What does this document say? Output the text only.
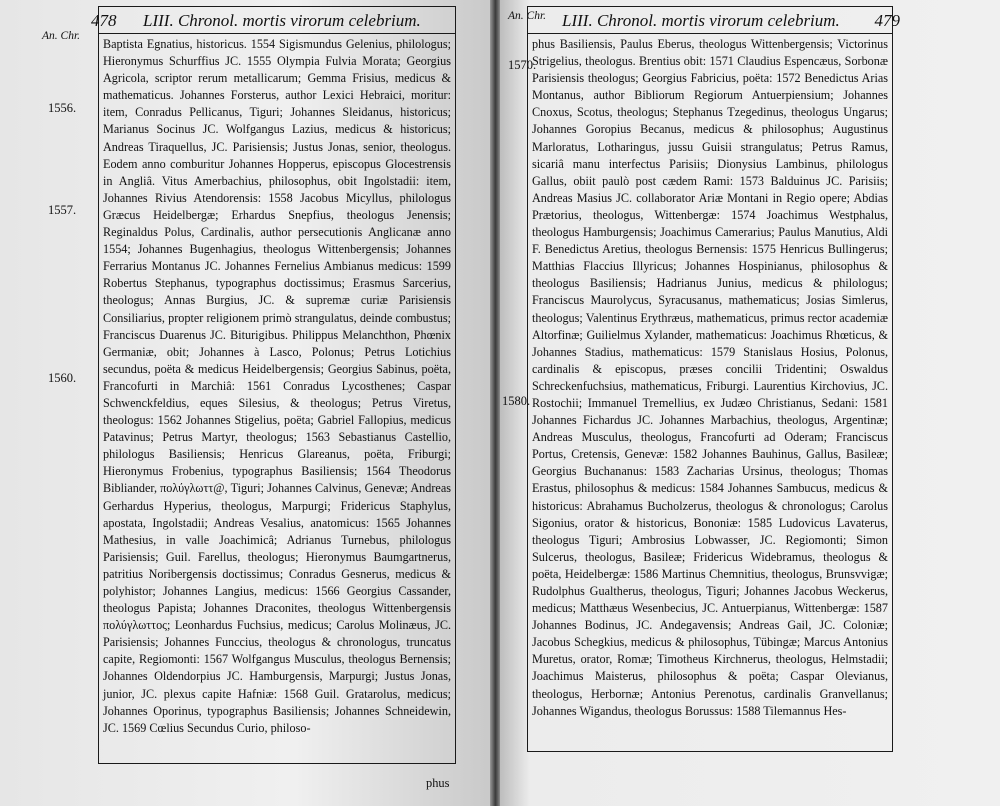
An. Chr.
1556.
1557.
1560.
478 LIII. Chronol. mortis virorum celebrium.

Baptista Egnatius, historicus. 1554 Sigismundus Gelenius, philologus; Hieronymus Schurffius JC. 1555 Olympia Fulvia Morata; Georgius Agricola, scriptor rerum metallicarum; Gemma Frisius, medicus & mathematicus. Johannes Forsterus, author Lexici Hebraici, moritur: item, Conradus Pellicanus, Tiguri; Johannes Sleidanus, historicus; Marianus Socinus JC. Wolfgangus Lazius, medicus & historicus; Andreas Tiraquellus, JC. Parisiensis; Justus Jonas, senior, theologus. Eodem anno comburitur Johannes Hopperus, episcopus Glocestrensis in Angliâ. Vitus Amerbachius, philosophus, obit Ingolstadii: item, Johannes Rivius Atendorensis: 1558 Jacobus Micyllus, philologus Græcus Heidelbergæ; Erhardus Snepfius, theologus Jenensis; Reginaldus Polus, Cardinalis, author persecutionis Anglicanæ anno 1554; Johannes Bugenhagius, theologus Wittenbergensis; Johannes Ferrarius Montanus JC. Johannes Fernelius Ambianus medicus: 1599 Robertus Stephanus, typographus doctissimus; Erasmus Sarcerius, theologus; Annas Burgius, JC. & supremæ curiæ Parisiensis Consiliarius, propter religionem primò strangulatus, deinde combustus; Franciscus Duarenus JC. Biturigibus. Philippus Melanchthon, Phœnix Germaniæ, obit; Johannes à Lasco, Polonus; Petrus Lotichius secundus, poëta & medicus Heidelbergensis; Georgius Sabinus, poëta, Francofurti in Marchiâ: 1561 Conradus Lycosthenes; Caspar Schwenckfeldius, eques Silesius, & theologus; Petrus Viretus, theologus: 1562 Johannes Stigelius, poëta; Gabriel Fallopius, medicus Patavinus; Petrus Martyr, theologus; 1563 Sebastianus Castellio, philologus Basiliensis; Henricus Glareanus, poëta, Friburgi; Hieronymus Frobenius, typographus Basiliensis; 1564 Theodorus Bibliander, πολύγλωττ@, Tiguri; Johannes Calvinus, Genevæ; Andreas Gerhardus Hyperius, theologus, Marpurgi; Fridericus Staphylus, apostata, Ingolstadii; Andreas Vesalius, anatomicus: 1565 Johannes Mathesius, in valle Joachimicâ; Adrianus Turnebus, philologus Parisiensis; Guil. Farellus, theologus; Hieronymus Baumgartnerus, patritius Noribergensis doctissimus; Conradus Gesnerus, medicus & polyhistor; Johannes Langius, medicus: 1566 Georgius Cassander, theologus Papista; Johannes Draconites, theologus Wittenbergensis πολύγλωττος; Leonhardus Fuchsius, medicus; Carolus Molinæus, JC. Parisiensis; Johannes Funccius, theologus & chronologus, truncatus capite, Regiomonti: 1567 Wolfgangus Musculus, theologus Bernensis; Johannes Oldendorpius JC. Hamburgensis, Marpurgi; Justus Jonas, junior, JC. plexus capite Hafniæ: 1568 Guil. Gratarolus, medicus; Johannes Oporinus, typographus Basiliensis; Johannes Schneidewin, JC. 1569 Cœlius Secundus Curio, philoso-

phus
An. Chr.
1570.
1580.
LIII. Chronol. mortis virorum celebrium. 479

phus Basiliensis, Paulus Eberus, theologus Wittenbergensis; Victorinus Strigelius, theologus. Brentius obit: 1571 Claudius Espencæus, Sorbonæ Parisiensis theologus; Georgius Fabricius, poëta: 1572 Benedictus Arias Montanus, author Bibliorum Regiorum Antuerpiensium; Johannes Cnoxus, Scotus, theologus; Stephanus Tzegedinus, theologus Ungarus; Johannes Goropius Becanus, medicus & philosophus; Augustinus Marloratus, Lotharingus, jussu Guisii strangulatus; Petrus Ramus, sicariâ manu interfectus Parisiis; Dionysius Lambinus, philologus Gallus, obiit paulò post cædem Rami: 1573 Balduinus JC. Parisiis; Andreas Masius JC. collaborator Ariæ Montani in Regio opere; Abdias Prætorius, theologus, Wittenbergæ: 1574 Joachimus Westphalus, theologus Hamburgensis; Joachimus Camerarius; Paulus Manutius, Aldi F. Benedictus Aretius, theologus Bernensis: 1575 Henricus Bullingerus; Matthias Flaccius Illyricus; Johannes Hospinianus, philosophus & theologus Basiliensis; Hadrianus Junius, medicus & philologus; Franciscus Maurolycus, Syracusanus, mathematicus; Josias Simlerus, theologus; Valentinus Erythræus, mathematicus, primus rector academiæ Altorfinæ; Guilielmus Xylander, mathematicus: Joachimus Rhœticus, & Johannes Stadius, mathematicus: 1579 Stanislaus Hosius, Polonus, cardinalis & episcopus, præses concilii Tridentini; Oswaldus Schreckenfuchsius, mathematicus, Friburgi. Laurentius Kirchovius, JC. Rostochii; Immanuel Tremellius, ex Judæo Christianus, Sedani: 1581 Johannes Fichardus JC. Johannes Marbachius, theologus, Argentinæ; Andreas Musculus, theologus, Francofurti ad Oderam; Franciscus Portus, Cretensis, Genevæ: 1582 Johannes Bauhinus, Gallus, Basileæ; Georgius Buchananus: 1583 Zacharias Ursinus, theologus; Thomas Erastus, philosophus & medicus: 1584 Johannes Sambucus, medicus & historicus: Abrahamus Bucholzerus, theologus & chronologus; Carolus Sigonius, orator & historicus, Bononiæ: 1585 Ludovicus Lavaterus, theologus Tiguri; Ambrosius Lobwasser, JC. Regiomonti; Simon Sulcerus, theologus, Basileæ; Fridericus Widebramus, theologus & poëta, Heidelbergæ: 1586 Martinus Chemnitius, theologus, Brunsvvigæ; Rudolphus Gualtherus, theologus, Tiguri; Johannes Jacobus Weckerus, medicus; Matthæus Wesenbecius, JC. Antuerpianus, Wittenbergæ: 1587 Johannes Bodinus, JC. Andegavensis; Andreas Gail, JC. Coloniæ; Jacobus Schegkius, medicus & philosophus, Tübingæ; Marcus Antonius Muretus, orator, Romæ; Timotheus Kirchnerus, theologus, Helmstadii; Joachimus Maisterus, philosophus & poëta; Caspar Olevianus, theologus, Herbornæ; Antonius Perenotus, cardinalis Granvellanus; Johannes Wigandus, theologus Borussus: 1588 Tilemannus Hes-
